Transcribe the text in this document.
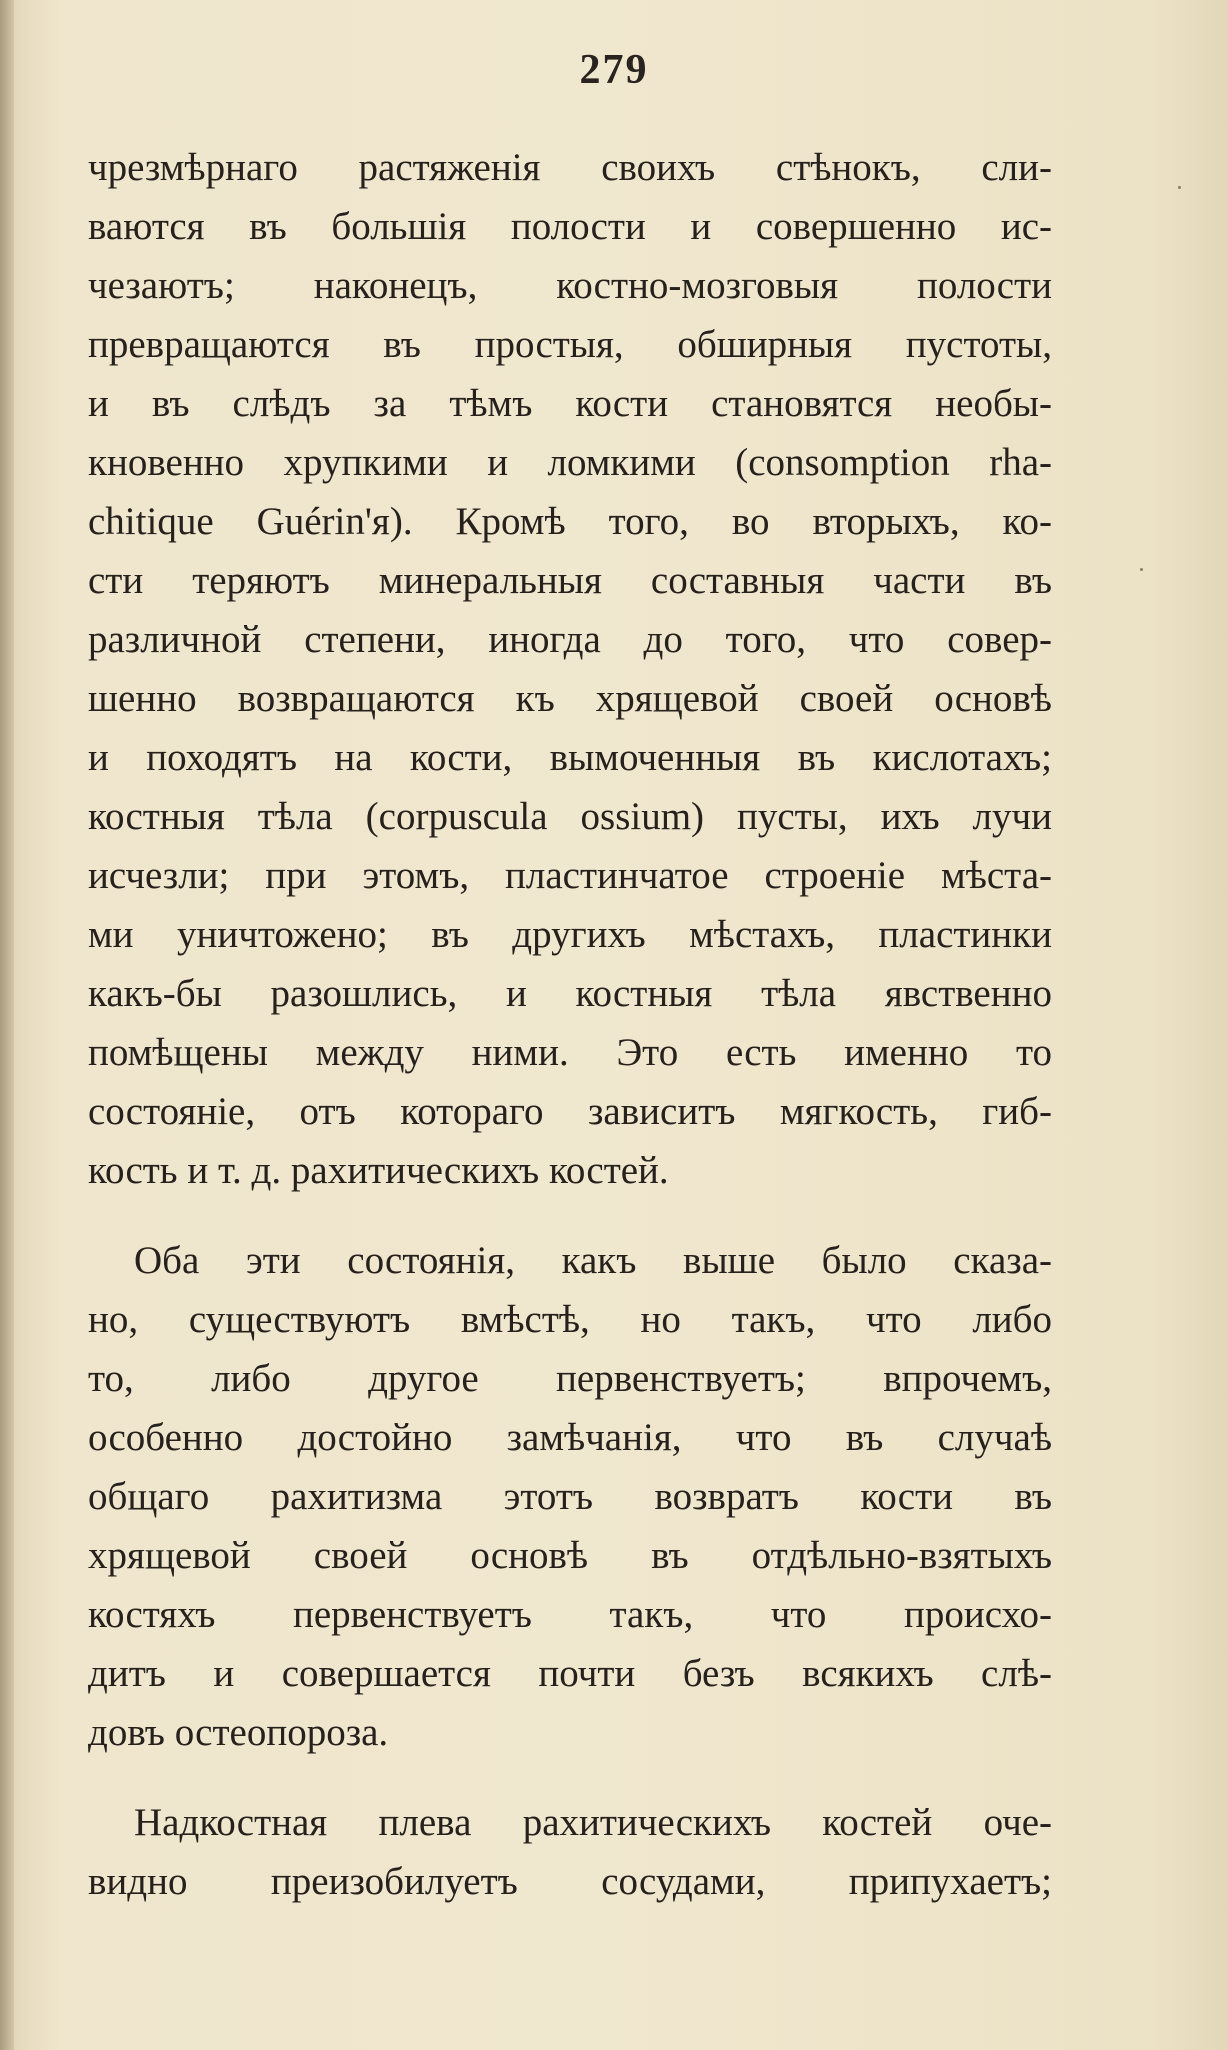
279
чрезмѣрнаго растяженія своихъ стѣнокъ, сли-
ваются въ большія полости и совершенно ис-
чезаютъ; наконецъ, костно-мозговыя полости
превращаются въ простыя, обширныя пустоты,
и въ слѣдъ за тѣмъ кости становятся необы-
кновенно хрупкими и ломкими (consomption rha-
chitique Guérin'я). Кромѣ того, во вторыхъ, ко-
сти теряютъ минеральныя составныя части въ
различной степени, иногда до того, что совер-
шенно возвращаются къ хрящевой своей основѣ
и походятъ на кости, вымоченныя въ кислотахъ;
костныя тѣла (corpuscula ossium) пусты, ихъ лучи
исчезли; при этомъ, пластинчатое строеніе мѣста-
ми уничтожено; въ другихъ мѣстахъ, пластинки
какъ-бы разошлись, и костныя тѣла явственно
помѣщены между ними. Это есть именно то
состояніе, отъ котораго зависитъ мягкость, гиб-
кость и т. д. рахитическихъ костей.
Оба эти состоянія, какъ выше было сказа-
но, существуютъ вмѣстѣ, но такъ, что либо
то, либо другое первенствуетъ; впрочемъ,
особенно достойно замѣчанія, что въ случаѣ
общаго рахитизма этотъ возвратъ кости въ
хрящевой своей основѣ въ отдѣльно-взятыхъ
костяхъ первенствуетъ такъ, что происхо-
дитъ и совершается почти безъ всякихъ слѣ-
довъ остеопороза.
Надкостная плева рахитическихъ костей оче-
видно преизобилуетъ сосудами, припухаетъ;
